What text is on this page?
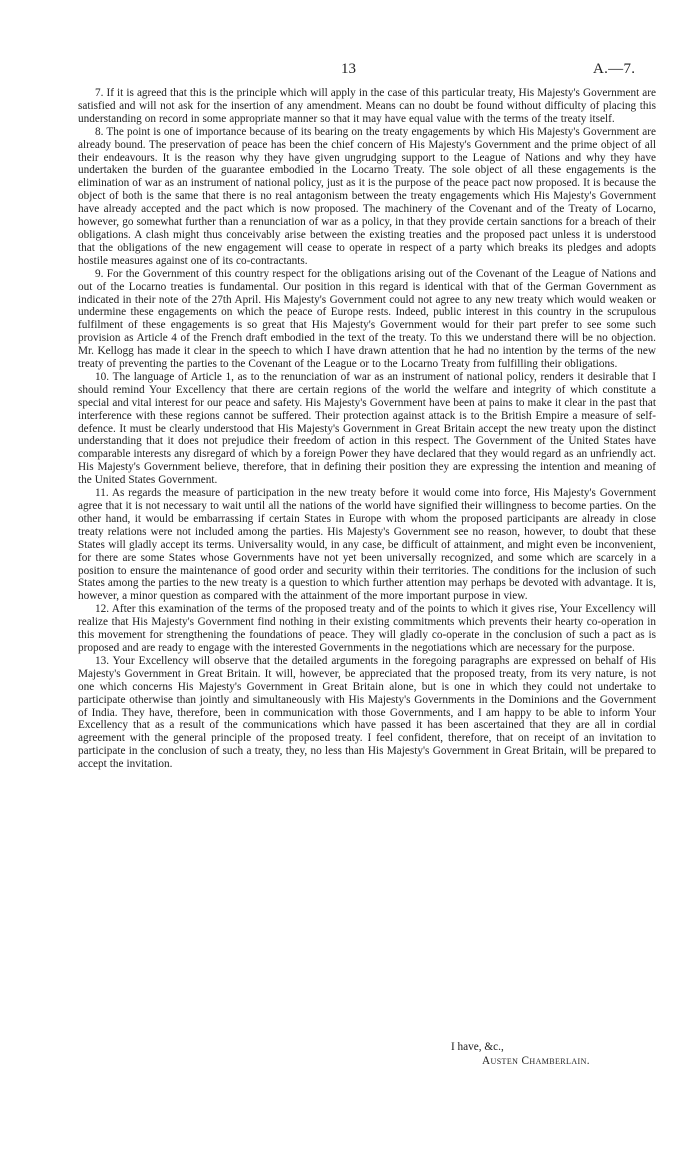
13	A.—7.

7. If it is agreed that this is the principle which will apply in the case of this particular treaty, His Majesty's Government are satisfied and will not ask for the insertion of any amendment. Means can no doubt be found without difficulty of placing this understanding on record in some appropriate manner so that it may have equal value with the terms of the treaty itself.

8. The point is one of importance because of its bearing on the treaty engagements by which His Majesty's Government are already bound. The preservation of peace has been the chief concern of His Majesty's Government and the prime object of all their endeavours. It is the reason why they have given ungrudging support to the League of Nations and why they have undertaken the burden of the guarantee embodied in the Locarno Treaty. The sole object of all these engagements is the elimination of war as an instrument of national policy, just as it is the purpose of the peace pact now proposed. It is because the object of both is the same that there is no real antagonism between the treaty engagements which His Majesty's Government have already accepted and the pact which is now proposed. The machinery of the Covenant and of the Treaty of Locarno, however, go somewhat further than a renunciation of war as a policy, in that they provide certain sanctions for a breach of their obligations. A clash might thus conceivably arise between the existing treaties and the proposed pact unless it is understood that the obligations of the new engagement will cease to operate in respect of a party which breaks its pledges and adopts hostile measures against one of its co-contractants.

9. For the Government of this country respect for the obligations arising out of the Covenant of the League of Nations and out of the Locarno treaties is fundamental. Our position in this regard is identical with that of the German Government as indicated in their note of the 27th April. His Majesty's Government could not agree to any new treaty which would weaken or undermine these engagements on which the peace of Europe rests. Indeed, public interest in this country in the scrupulous fulfilment of these engagements is so great that His Majesty's Government would for their part prefer to see some such provision as Article 4 of the French draft embodied in the text of the treaty. To this we understand there will be no objection. Mr. Kellogg has made it clear in the speech to which I have drawn attention that he had no intention by the terms of the new treaty of preventing the parties to the Covenant of the League or to the Locarno Treaty from fulfilling their obligations.

10. The language of Article 1, as to the renunciation of war as an instrument of national policy, renders it desirable that I should remind Your Excellency that there are certain regions of the world the welfare and integrity of which constitute a special and vital interest for our peace and safety. His Majesty's Government have been at pains to make it clear in the past that interference with these regions cannot be suffered. Their protection against attack is to the British Empire a measure of self-defence. It must be clearly understood that His Majesty's Government in Great Britain accept the new treaty upon the distinct understanding that it does not prejudice their freedom of action in this respect. The Government of the United States have comparable interests any disregard of which by a foreign Power they have declared that they would regard as an unfriendly act. His Majesty's Government believe, therefore, that in defining their position they are expressing the intention and meaning of the United States Government.

11. As regards the measure of participation in the new treaty before it would come into force, His Majesty's Government agree that it is not necessary to wait until all the nations of the world have signified their willingness to become parties. On the other hand, it would be embarrassing if certain States in Europe with whom the proposed participants are already in close treaty relations were not included among the parties. His Majesty's Government see no reason, however, to doubt that these States will gladly accept its terms. Universality would, in any case, be difficult of attainment, and might even be inconvenient, for there are some States whose Governments have not yet been universally recognized, and some which are scarcely in a position to ensure the maintenance of good order and security within their territories. The conditions for the inclusion of such States among the parties to the new treaty is a question to which further attention may perhaps be devoted with advantage. It is, however, a minor question as compared with the attainment of the more important purpose in view.

12. After this examination of the terms of the proposed treaty and of the points to which it gives rise, Your Excellency will realize that His Majesty's Government find nothing in their existing commitments which prevents their hearty co-operation in this movement for strengthening the foundations of peace. They will gladly co-operate in the conclusion of such a pact as is proposed and are ready to engage with the interested Governments in the negotiations which are necessary for the purpose.

13. Your Excellency will observe that the detailed arguments in the foregoing paragraphs are expressed on behalf of His Majesty's Government in Great Britain. It will, however, be appreciated that the proposed treaty, from its very nature, is not one which concerns His Majesty's Government in Great Britain alone, but is one in which they could not undertake to participate otherwise than jointly and simultaneously with His Majesty's Governments in the Dominions and the Government of India. They have, therefore, been in communication with those Governments, and I am happy to be able to inform Your Excellency that as a result of the communications which have passed it has been ascertained that they are all in cordial agreement with the general principle of the proposed treaty. I feel confident, therefore, that on receipt of an invitation to participate in the conclusion of such a treaty, they, no less than His Majesty's Government in Great Britain, will be prepared to accept the invitation.

I have, &c.,
Austen Chamberlain.
